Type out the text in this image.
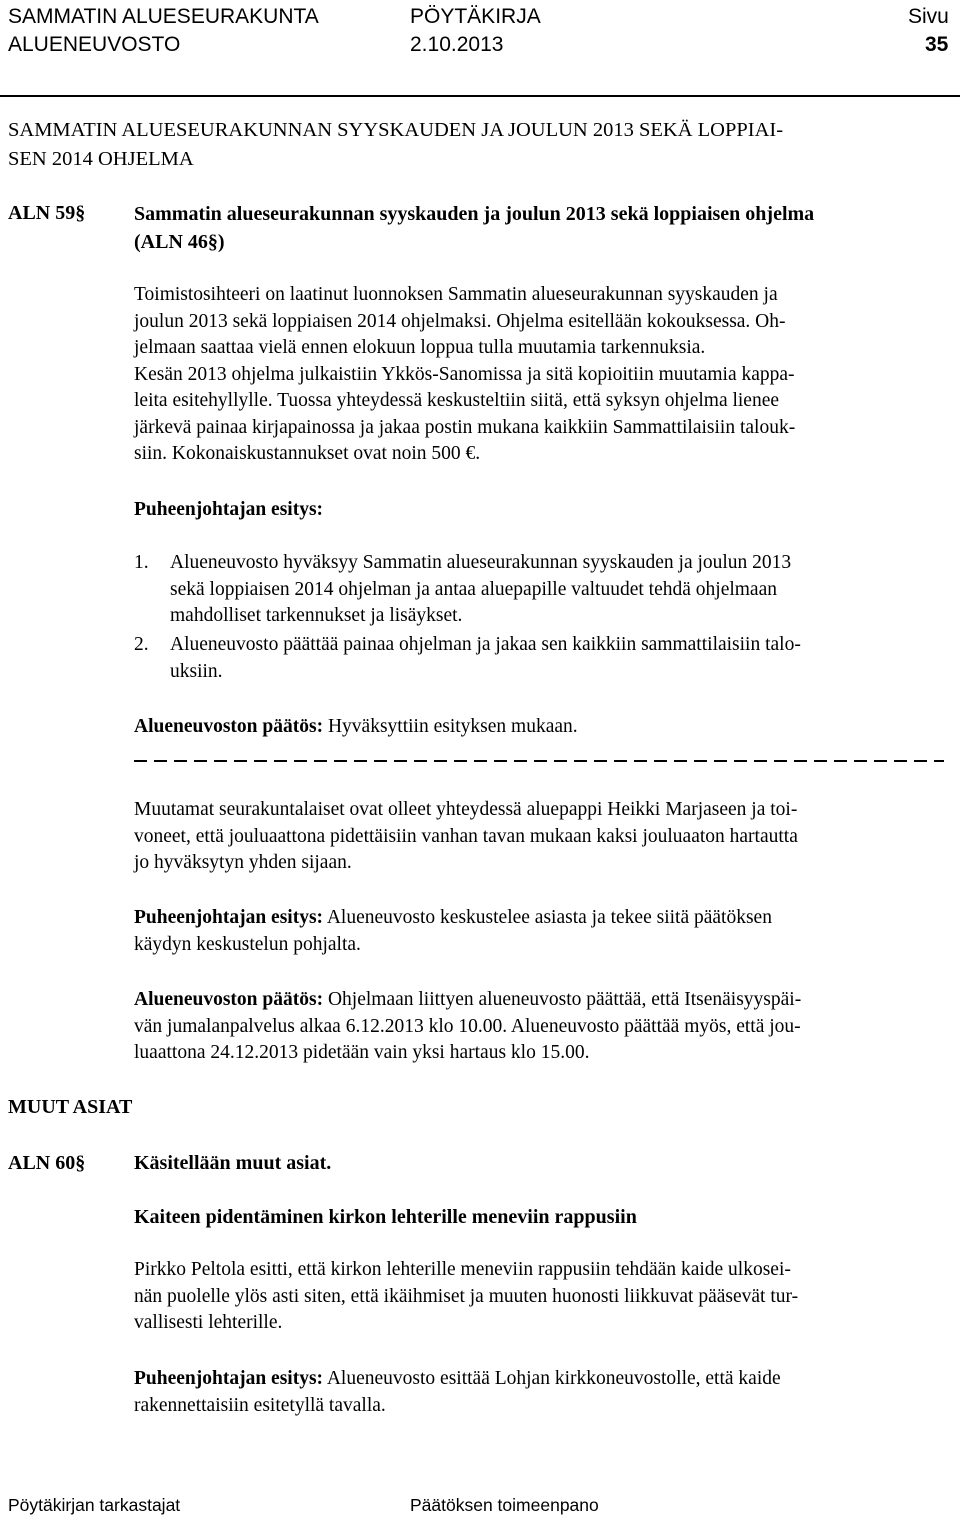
SAMMATIN ALUESEURAKUNTA	PÖYTÄKIRJA	Sivu
ALUENEUVOSTO	2.10.2013	35
SAMMATIN ALUESEURAKUNNAN SYYSKAUDEN JA JOULUN 2013 SEKÄ LOPPIAI-
SEN 2014 OHJELMA
ALN 59§ Sammatin alueseurakunnan syyskauden ja joulun 2013 sekä loppiaisen ohjelma
(ALN 46§)
Toimistosihteeri on laatinut luonnoksen Sammatin alueseurakunnan syyskauden ja
joulun 2013 sekä loppiaisen 2014 ohjelmaksi. Ohjelma esitellään kokouksessa. Oh-
jelmaan saattaa vielä ennen elokuun loppua tulla muutamia tarkennuksia.
Kesän 2013 ohjelma julkaistiin Ykkös-Sanomissa ja sitä kopioitiin muutamia kappa-
leita esitehyllylle. Tuossa yhteydessä keskusteltiin siitä, että syksyn ohjelma lienee
järkevä painaa kirjapainossa ja jakaa postin mukana kaikkiin Sammattilaisiin talouk-
siin. Kokonaiskustannukset ovat noin 500 €.
Puheenjohtajan esitys:
1. Alueneuvosto hyväksyy Sammatin alueseurakunnan syyskauden ja joulun 2013
sekä loppiaisen 2014 ohjelman ja antaa aluepapille valtuudet tehdä ohjelmaan
mahdolliset tarkennukset ja lisäykset.
2. Alueneuvosto päättää painaa ohjelman ja jakaa sen kaikkiin sammattilaisiin talo-
uksiin.
Alueneuvoston päätös: Hyväksyttiin esityksen mukaan.
Muutamat seurakuntalaiset ovat olleet yhteydessä aluepappi Heikki Marjaseen ja toi-
voneet, että jouluaattona pidettäisiin vanhan tavan mukaan kaksi jouluaaton hartautta
jo hyväksytyn yhden sijaan.
Puheenjohtajan esitys: Alueneuvosto keskustelee asiasta ja tekee siitä päätöksen
käydyn keskustelun pohjalta.
Alueneuvoston päätös: Ohjelmaan liittyen alueneuvosto päättää, että Itsenäisyyspäi-
vän jumalanpalvelus alkaa 6.12.2013 klo 10.00. Alueneuvosto päättää myös, että jou-
luaattona 24.12.2013 pidetään vain yksi hartaus klo 15.00.
MUUT ASIAT
ALN 60§ Käsitellään muut asiat.
Kaiteen pidentäminen kirkon lehterille meneviin rappusiin
Pirkko Peltola esitti, että kirkon lehterille meneviin rappusiin tehdään kaide ulkosei-
nän puolelle ylös asti siten, että ikäihmiset ja muuten huonosti liikkuvat pääsevät tur-
vallisesti lehterille.
Puheenjohtajan esitys: Alueneuvosto esittää Lohjan kirkkoneuvostolle, että kaide
rakennettaisiin esitetyllä tavalla.
Pöytäkirjan tarkastajat	Päätöksen toimeenpano
